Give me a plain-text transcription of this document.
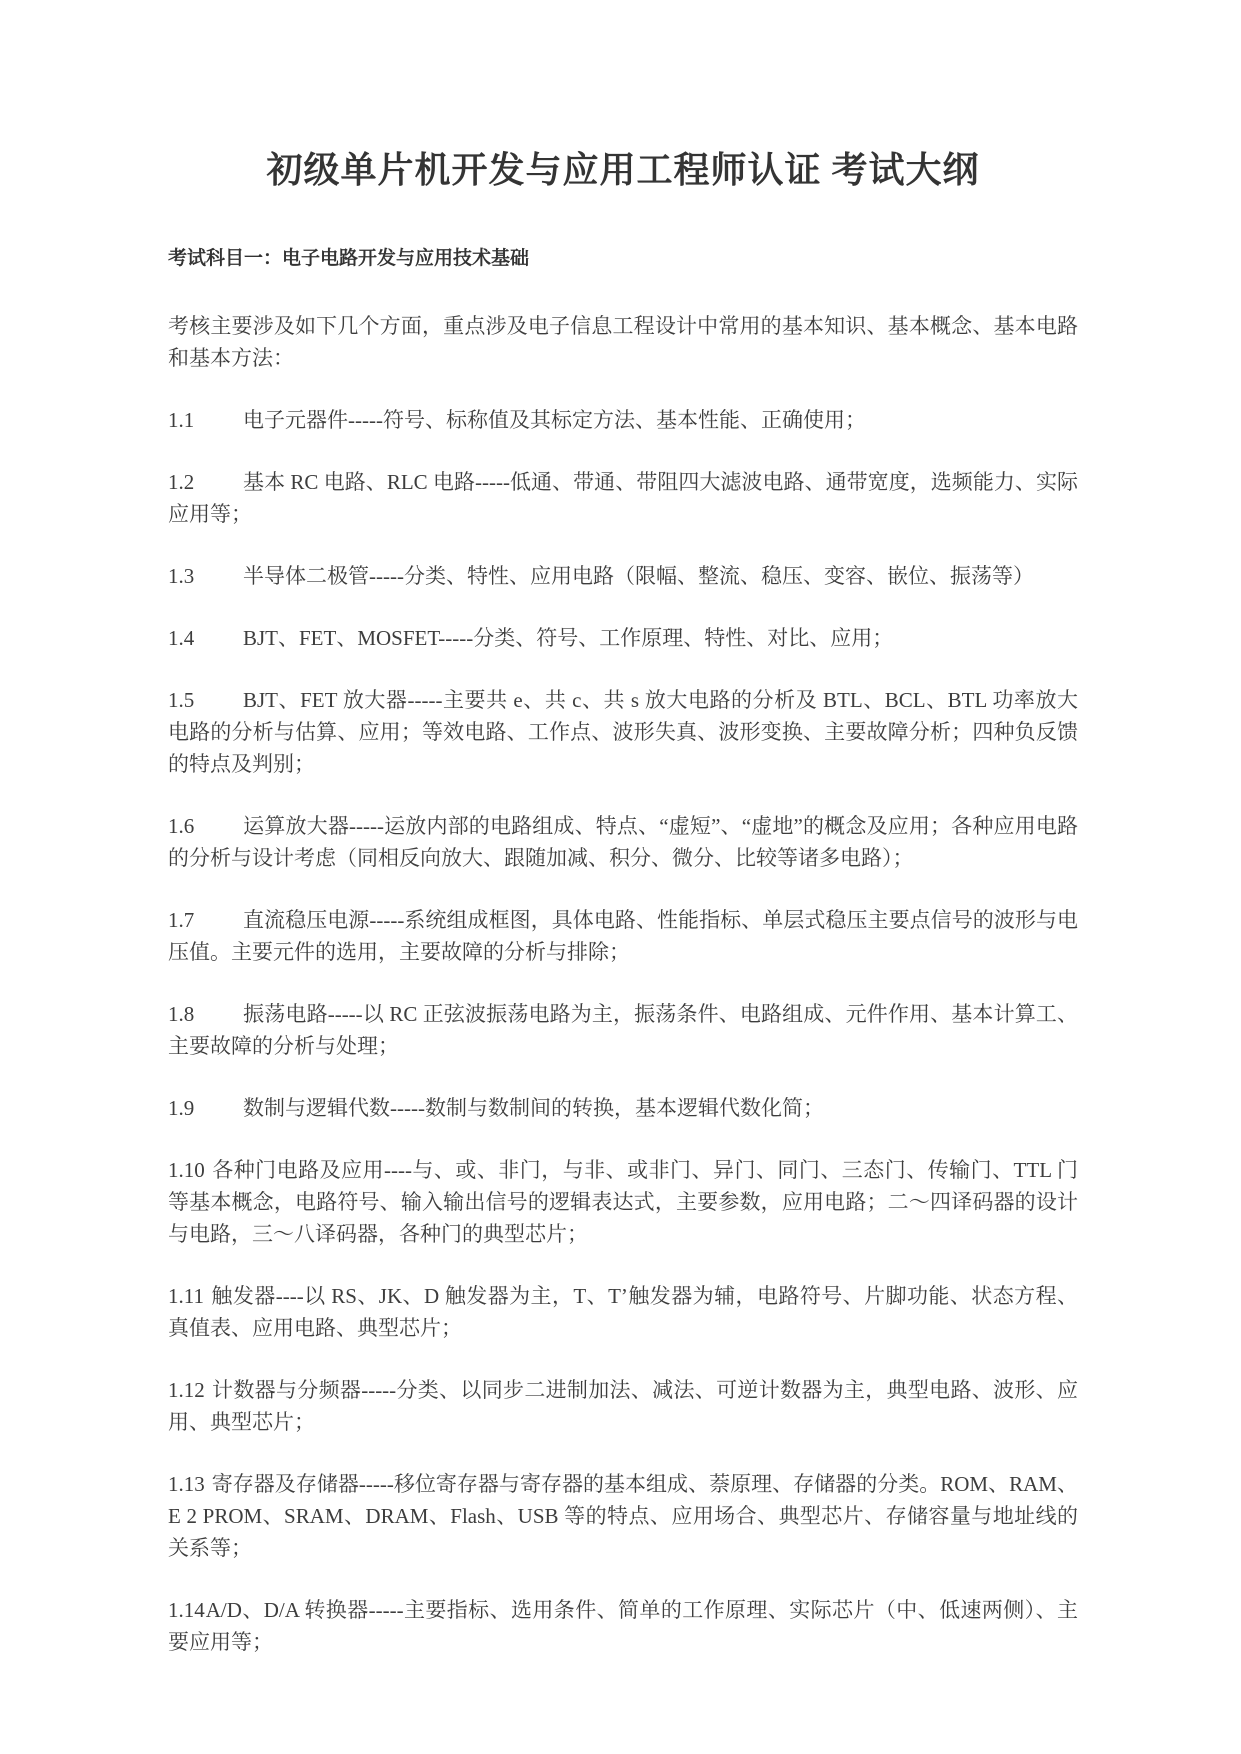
初级单片机开发与应用工程师认证 考试大纲
考试科目一：电子电路开发与应用技术基础

考核主要涉及如下几个方面，重点涉及电子信息工程设计中常用的基本知识、基本概念、基本电路和基本方法：

1.1 电子元器件-----符号、标称值及其标定方法、基本性能、正确使用；

1.2 基本 RC 电路、RLC 电路-----低通、带通、带阻四大滤波电路、通带宽度，选频能力、实际应用等；

1.3 半导体二极管-----分类、特性、应用电路（限幅、整流、稳压、变容、嵌位、振荡等）

1.4 BJT、FET、MOSFET-----分类、符号、工作原理、特性、对比、应用；

1.5 BJT、FET 放大器-----主要共 e、共 c、共 s 放大电路的分析及 BTL、BCL、BTL 功率放大电路的分析与估算、应用；等效电路、工作点、波形失真、波形变换、主要故障分析；四种负反馈的特点及判别；

1.6 运算放大器-----运放内部的电路组成、特点、“虚短”、“虚地”的概念及应用；各种应用电路的分析与设计考虑（同相反向放大、跟随加减、积分、微分、比较等诸多电路）；

1.7 直流稳压电源-----系统组成框图，具体电路、性能指标、单层式稳压主要点信号的波形与电压值。主要元件的选用，主要故障的分析与排除；

1.8 振荡电路-----以 RC 正弦波振荡电路为主，振荡条件、电路组成、元件作用、基本计算工、主要故障的分析与处理；

1.9 数制与逻辑代数-----数制与数制间的转换，基本逻辑代数化简；

1.10 各种门电路及应用----与、或、非门，与非、或非门、异门、同门、三态门、传输门、TTL 门等基本概念，电路符号、输入输出信号的逻辑表达式，主要参数，应用电路；二～四译码器的设计与电路，三～八译码器，各种门的典型芯片；

1.11 触发器----以 RS、JK、D 触发器为主，T、T’触发器为辅，电路符号、片脚功能、状态方程、真值表、应用电路、典型芯片；

1.12 计数器与分频器-----分类、以同步二进制加法、减法、可逆计数器为主，典型电路、波形、应用、典型芯片；

1.13 寄存器及存储器-----移位寄存器与寄存器的基本组成、萘原理、存储器的分类。ROM、RAM、E 2 PROM、SRAM、DRAM、Flash、USB 等的特点、应用场合、典型芯片、存储容量与地址线的关系等；

1.14A/D、D/A 转换器-----主要指标、选用条件、简单的工作原理、实际芯片（中、低速两侧）、主要应用等；
